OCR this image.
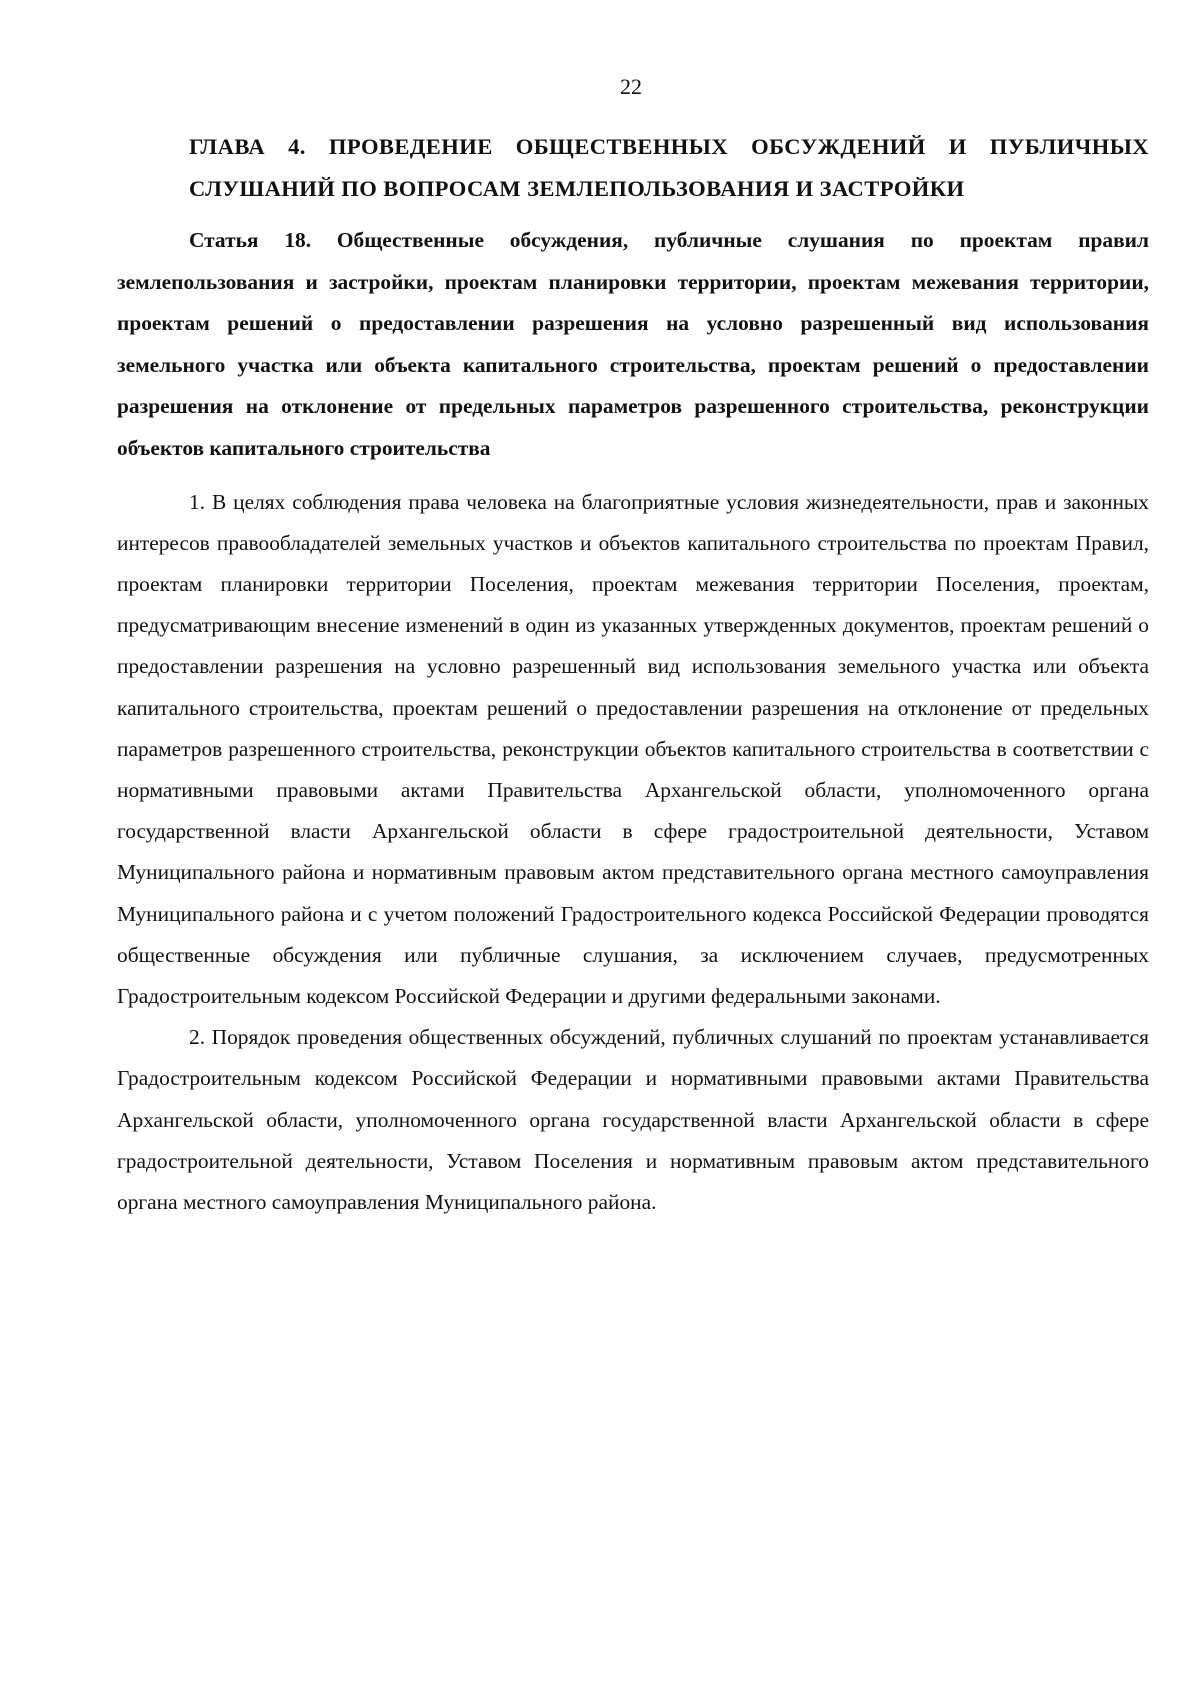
22
ГЛАВА 4. ПРОВЕДЕНИЕ ОБЩЕСТВЕННЫХ ОБСУЖДЕНИЙ И ПУБЛИЧНЫХ СЛУШАНИЙ ПО ВОПРОСАМ ЗЕМЛЕПОЛЬЗОВАНИЯ И ЗАСТРОЙКИ
Статья 18. Общественные обсуждения, публичные слушания по проектам правил землепользования и застройки, проектам планировки территории, проектам межевания территории, проектам решений о предоставлении разрешения на условно разрешенный вид использования земельного участка или объекта капитального строительства, проектам решений о предоставлении разрешения на отклонение от предельных параметров разрешенного строительства, реконструкции объектов капитального строительства

1. В целях соблюдения права человека на благоприятные условия жизнедеятельности, прав и законных интересов правообладателей земельных участков и объектов капитального строительства по проектам Правил, проектам планировки территории Поселения, проектам межевания территории Поселения, проектам, предусматривающим внесение изменений в один из указанных утвержденных документов, проектам решений о предоставлении разрешения на условно разрешенный вид использования земельного участка или объекта капитального строительства, проектам решений о предоставлении разрешения на отклонение от предельных параметров разрешенного строительства, реконструкции объектов капитального строительства в соответствии с нормативными правовыми актами Правительства Архангельской области, уполномоченного органа государственной власти Архангельской области в сфере градостроительной деятельности, Уставом Муниципального района и нормативным правовым актом представительного органа местного самоуправления Муниципального района и с учетом положений Градостроительного кодекса Российской Федерации проводятся общественные обсуждения или публичные слушания, за исключением случаев, предусмотренных Градостроительным кодексом Российской Федерации и другими федеральными законами.

2. Порядок проведения общественных обсуждений, публичных слушаний по проектам устанавливается Градостроительным кодексом Российской Федерации и нормативными правовыми актами Правительства Архангельской области, уполномоченного органа государственной власти Архангельской области в сфере градостроительной деятельности, Уставом Поселения и нормативным правовым актом представительного органа местного самоуправления Муниципального района.
